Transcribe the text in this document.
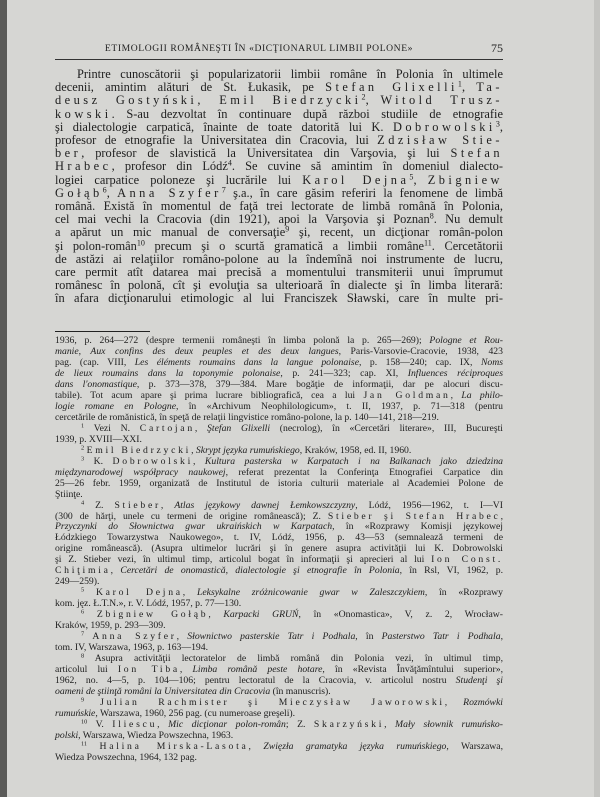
ETIMOLOGII ROMÂNEŞTI ÎN «DICŢIONARUL LIMBII POLONE»	75
Printre cunoscătorii şi popularizatorii limbii române în Polonia în ultimele
decenii, amintim alături de St. Łukasik, pe Stefan Glixelli$^1$, Ta-
deusz Gostyński, Emil Biedrzycki$^2$, Witold Trusz-
kowski. S-au dezvoltat în continuare după război studiile de etnografie
şi dialectologie carpatică, înainte de toate datorită lui K. Dobrowolski$^3$,
profesor de etnografie la Universitatea din Cracovia, lui Zdzisław Stie-
ber, profesor de slavistică la Universitatea din Varşovia, şi lui Stefan
Hrabec, profesor din Lódź$^4$. Se cuvine să amintim în domeniul dialecto-
logiei carpatice poloneze şi lucrările lui Karol Dejna$^5$, Zbigniew
Gołąb$^6$, Anna Szyfer$^7$ ş.a., în care găsim referiri la fenomene de limbă
română. Există în momentul de faţă trei lectorate de limbă română în Polonia,
cel mai vechi la Cracovia (din 1921), apoi la Varşovia şi Poznan$^8$. Nu demult
a apărut un mic manual de conversaţie$^9$ şi, recent, un dicţionar român-polon
şi polon-român$^{10}$ precum şi o scurtă gramatică a limbii române$^{11}$. Cercetătorii
de astăzi ai relaţiilor româno-polone au la îndemînă noi instrumente de lucru,
care permit atît datarea mai precisă a momentului transmiterii unui împrumut
românesc în polonă, cît şi evoluţia sa ulterioară în dialecte şi în limba literară:
în afara dicţionarului etimologic al lui Franciszek Sławski, care în multe pri-
1936, p. 264—272 (despre termenii româneşti în limba polonă la p. 265—269); Pologne et Rou-
manie, Aux confins des deux peuples et des deux langues, Paris-Varsovie-Cracovie, 1938, 423
pag. (cap. VIII, Les éléments roumains dans la langue polonaise, p. 158—240; cap. IX, Noms
de lieux roumains dans la toponymie polonaise, p. 241—323; cap. XI, Influences réciproques
dans l'onomastique, p. 373—378, 379—384. Mare bogăţie de informaţii, dar pe alocuri discu-
tabile). Tot acum apare şi prima lucrare bibliografică, cea a lui Jan Goldman, La philo-
logie romane en Pologne, în «Archivum Neophilologicum», t. II, 1937, p. 71—318 (pentru
cercetările de romănistică, în speţă de relaţii lingvistice româno-polone, la p. 140—141, 218—219.
$^1$ Vezi N. Cartojan, Ştefan Glixelli (necrolog), în «Cercetări literare», III, Bucureşti
1939, p. XVIII—XXI.
$^2$ Emil Biedrzycki, Skrypt języka rumuńskiego, Kraków, 1958, ed. II, 1960.
$^3$ K. Dobrowolski, Kultura pasterska w Karpatach i na Balkanach jako dziedzina
międzynarodowej współpracy naukowej, referat prezentat la Conferinţa Etnografiei Carpatice din
25—26 febr. 1959, organizată de Institutul de istoria culturii materiale al Academiei Polone de
Ştiinţe.
$^4$ Z. Stieber, Atlas językowy dawnej Łemkowszczyzny, Lódź, 1956—1962, t. I—VI
(300 de hărţi, unele cu termeni de origine românească); Z. Stieber şi Stefan Hrabec,
Przyczynki do Słownictwa gwar ukraińskich w Karpatach, în «Rozprawy Komisji językowej
Łódzkiego Towarzystwa Naukowego», t. IV, Lódź, 1956, p. 43—53 (semnalează termeni de
origine românească). (Asupra ultimelor lucrări şi în genere asupra activităţii lui K. Dobrowolski
şi Z. Stieber vezi, în ultimul timp, articolul bogat în informaţii şi aprecieri al lui Ion Const.
Chiţimia, Cercetări de onomastică, dialectologie şi etnografie în Polonia, în Rsl, VI, 1962, p.
249—259).
$^5$ Karol Dejna, Leksykalne zróżnicowanie gwar w Zaleszczykiem, în «Rozprawy
kom. jęz. Ł.T.N.», r. V. Lódź, 1957, p. 77—130.
$^6$ Zbigniew Gołąb, Karpacki GRUŃ, în «Onomastica», V, z. 2, Wrocław-
Kraków, 1959, p. 293—309.
$^7$ Anna Szyfer, Słownictwo pasterskie Tatr i Podhala, în Pasterstwo Tatr i Podhala,
tom. IV, Warszawa, 1963, p. 163—194.
$^8$ Asupra activităţii lectoratelor de limbă română din Polonia vezi, în ultimul timp,
articolul lui Ion Tiba, Limba română peste hotare, în «Revista Învăţămîntului superior»,
1962, no. 4—5, p. 104—106; pentru lectoratul de la Cracovia, v. articolul nostru Studenţi şi
oameni de ştiinţă români la Universitatea din Cracovia (în manuscris).
$^9$ Julian Rachmister şi Mieczysław Jaworowski, Rozmówki
rumuńskie, Warszawa, 1960, 256 pag. (cu numeroase greşeli).
$^{10}$ V. Iliescu, Mic dicţionar polon-român; Z. Skarzyński, Mały słownik rumuńsko-
polski, Warszawa, Wiedza Powszechna, 1963.
$^{11}$ Halina Mirska-Lasota, Zwięzła gramatyka języka rumuńskiego, Warszawa,
Wiedza Powszechna, 1964, 132 pag.
